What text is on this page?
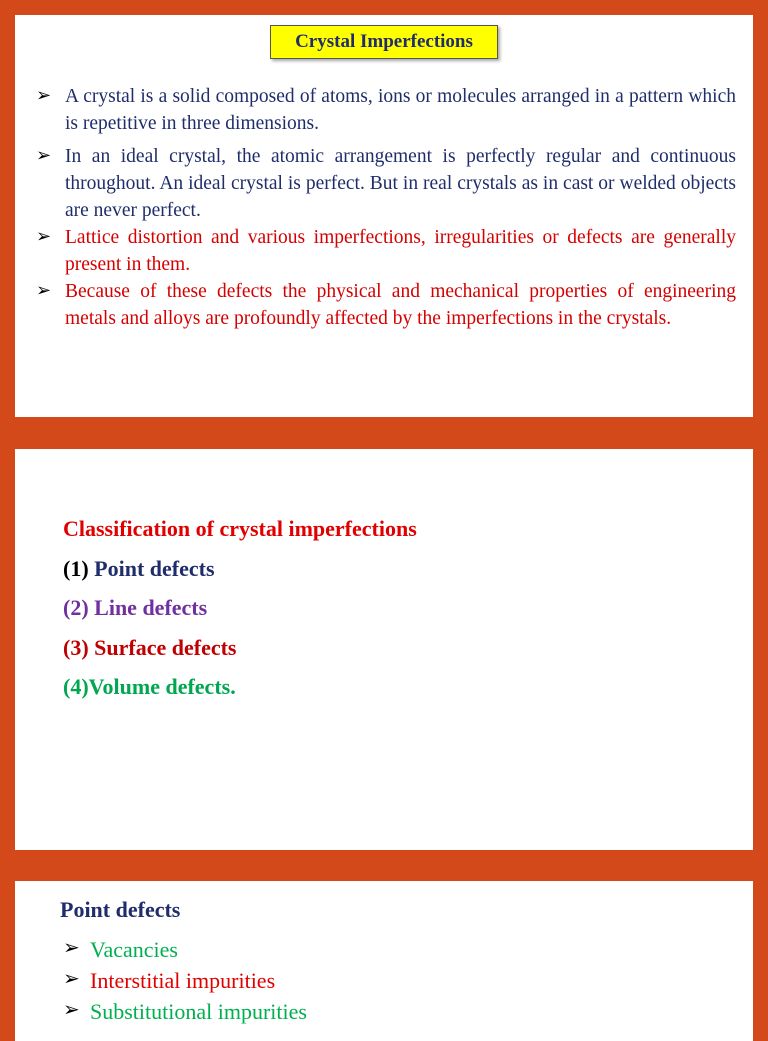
Crystal Imperfections
➢ A crystal is a solid composed of atoms, ions or molecules arranged in a pattern which is repetitive in three dimensions.
➢ In an ideal crystal, the atomic arrangement is perfectly regular and continuous throughout. An ideal crystal is perfect. But in real crystals as in cast or welded objects are never perfect.
➢ Lattice distortion and various imperfections, irregularities or defects are generally present in them.
➢ Because of these defects the physical and mechanical properties of engineering metals and alloys are profoundly affected by the imperfections in the crystals.
Classification of crystal imperfections
(1) Point defects
(2) Line defects
(3) Surface defects
(4)Volume defects.
Point defects
➢ Vacancies
➢ Interstitial impurities
➢ Substitutional impurities
